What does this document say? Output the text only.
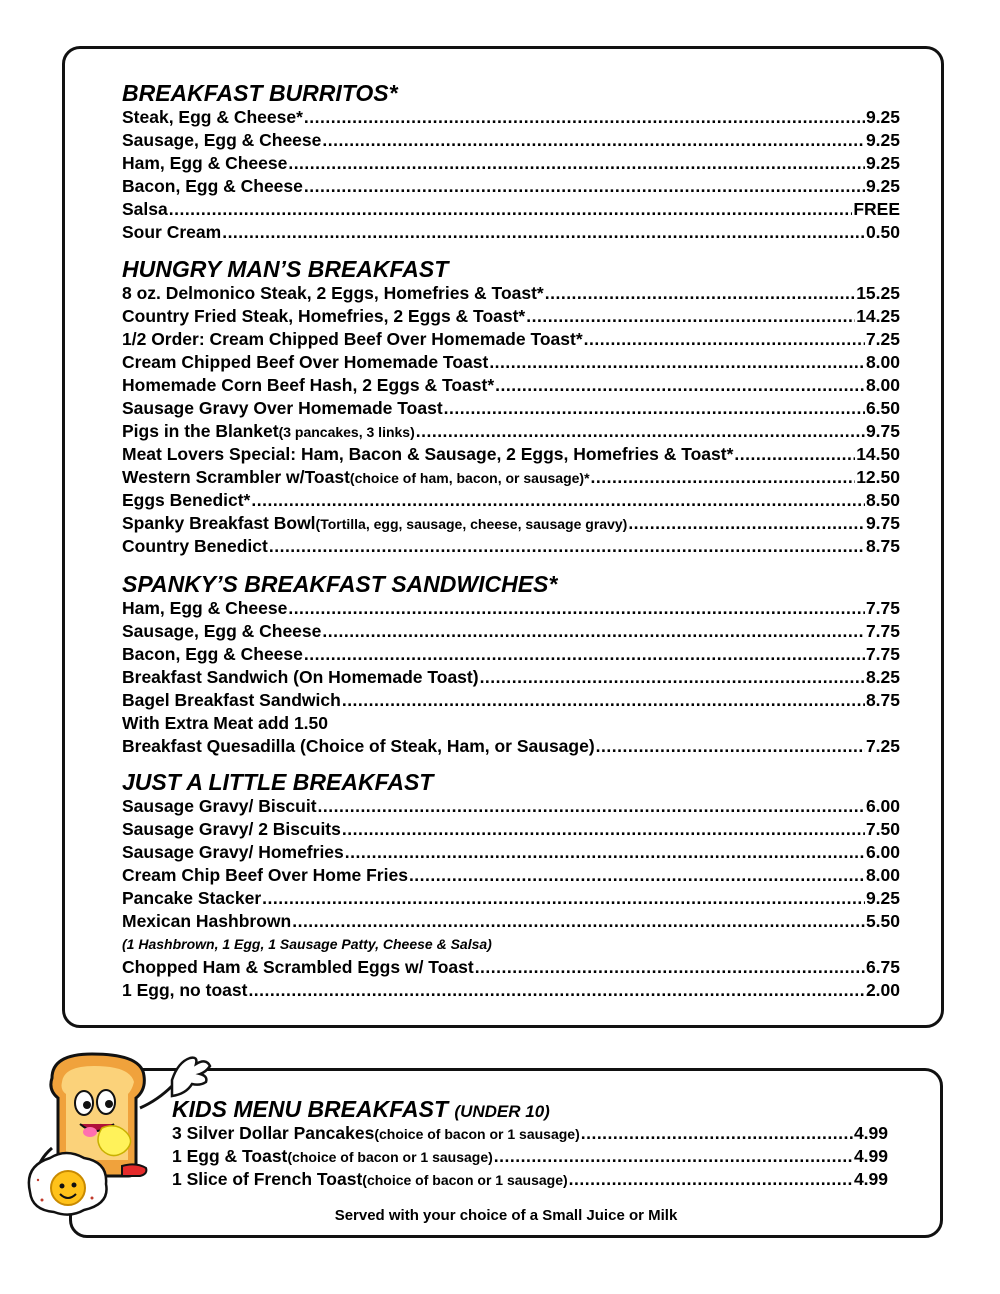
BREAKFAST BURRITOS*
Steak, Egg & Cheese* .....	9.25
Sausage, Egg & Cheese .....	9.25
Ham, Egg & Cheese .....	9.25
Bacon, Egg & Cheese .....	9.25
Salsa .....	FREE
Sour Cream .....	0.50
HUNGRY MAN’S BREAKFAST
8 oz. Delmonico Steak, 2 Eggs, Homefries & Toast* .....	15.25
Country Fried Steak, Homefries, 2 Eggs & Toast* .....	14.25
1/2 Order: Cream Chipped Beef Over Homemade Toast* .....	7.25
Cream Chipped Beef Over Homemade Toast .....	8.00
Homemade Corn Beef Hash, 2 Eggs & Toast* .....	8.00
Sausage Gravy Over Homemade Toast .....	6.50
Pigs in the Blanket (3 pancakes, 3 links) .....	9.75
Meat Lovers Special: Ham, Bacon & Sausage, 2 Eggs, Homefries & Toast* .....	14.50
Western Scrambler w/Toast (choice of ham, bacon, or sausage)* .....	12.50
Eggs Benedict* .....	8.50
Spanky Breakfast Bowl (Tortilla, egg, sausage, cheese, sausage gravy) .....	9.75
Country Benedict .....	8.75
SPANKY’S BREAKFAST SANDWICHES*
Ham, Egg & Cheese .....	7.75
Sausage, Egg & Cheese .....	7.75
Bacon, Egg & Cheese .....	7.75
Breakfast Sandwich (On Homemade Toast) .....	8.25
Bagel Breakfast Sandwich .....	8.75
With Extra Meat add 1.50
Breakfast Quesadilla (Choice of Steak, Ham, or Sausage) .....	7.25
JUST A LITTLE BREAKFAST
Sausage Gravy/ Biscuit .....	6.00
Sausage Gravy/ 2 Biscuits .....	7.50
Sausage Gravy/ Homefries .....	6.00
Cream Chip Beef Over Home Fries .....	8.00
Pancake Stacker .....	9.25
Mexican Hashbrown .....	5.50
(1 Hashbrown, 1 Egg, 1 Sausage Patty, Cheese & Salsa)
Chopped Ham & Scrambled Eggs w/ Toast .....	6.75
1 Egg, no toast .....	2.00
KIDS MENU BREAKFAST (UNDER 10)
3 Silver Dollar Pancakes (choice of bacon or 1 sausage) .....	4.99
1 Egg & Toast (choice of bacon or 1 sausage) .....	4.99
1 Slice of French Toast (choice of bacon or 1 sausage) .....	4.99
Served with your choice of a Small Juice or Milk
